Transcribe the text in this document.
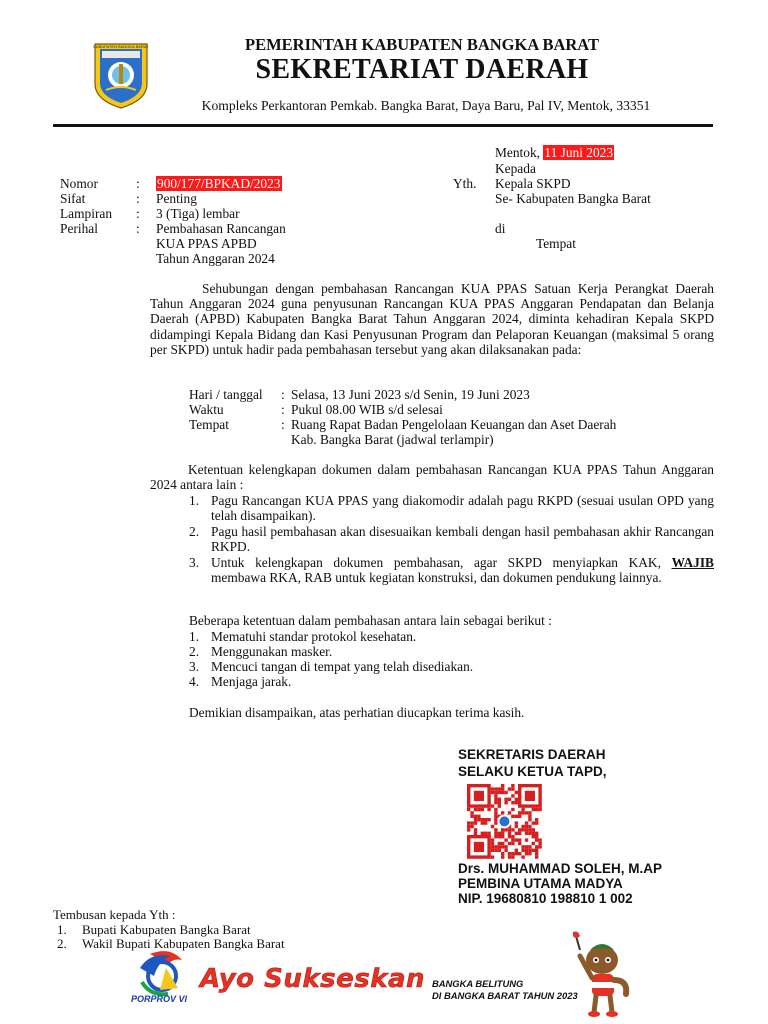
KABUPATEN BANGKA BARAT	PEMERINTAH KABUPATEN BANGKA BARAT
SEKRETARIAT DAERAH
Kompleks Perkantoran Pemkab. Bangka Barat, Daya Baru, Pal IV, Mentok, 33351
Mentok, 11 Juni 2023
Kepada
Yth. Kepala SKPD
Se- Kabupaten Bangka Barat
di
Tempat
Nomor	: 900/177/BPKAD/2023
Sifat	: Penting
Lampiran : 3 (Tiga) lembar
Perihal	: Pembahasan Rancangan
KUA PPAS APBD
Tahun Anggaran 2024
Sehubungan dengan pembahasan Rancangan KUA PPAS Satuan Kerja Perangkat Daerah Tahun Anggaran 2024 guna penyusunan Rancangan KUA PPAS Anggaran Pendapatan dan Belanja Daerah (APBD) Kabupaten Bangka Barat Tahun Anggaran 2024, diminta kehadiran Kepala SKPD didampingi Kepala Bidang dan Kasi Penyusunan Program dan Pelaporan Keuangan (maksimal 5 orang per SKPD) untuk hadir pada pembahasan tersebut yang akan dilaksanakan pada:
Hari / tanggal : Selasa, 13 Juni 2023 s/d Senin, 19 Juni 2023
Waktu	: Pukul 08.00 WIB s/d selesai
Tempat	: Ruang Rapat Badan Pengelolaan Keuangan dan Aset Daerah
Kab. Bangka Barat (jadwal terlampir)
Ketentuan kelengkapan dokumen dalam pembahasan Rancangan KUA PPAS Tahun Anggaran 2024 antara lain :
1. Pagu Rancangan KUA PPAS yang diakomodir adalah pagu RKPD (sesuai usulan OPD yang telah disampaikan).
2. Pagu hasil pembahasan akan disesuaikan kembali dengan hasil pembahasan akhir Rancangan RKPD.
3. Untuk kelengkapan dokumen pembahasan, agar SKPD menyiapkan KAK, WAJIB membawa RKA, RAB untuk kegiatan konstruksi, dan dokumen pendukung lainnya.
Beberapa ketentuan dalam pembahasan antara lain sebagai berikut :
1. Mematuhi standar protokol kesehatan.
2. Menggunakan masker.
3. Mencuci tangan di tempat yang telah disediakan.
4. Menjaga jarak.
Demikian disampaikan, atas perhatian diucapkan terima kasih.
SEKRETARIS DAERAH
SELAKU KETUA TAPD,
Drs. MUHAMMAD SOLEH, M.AP
PEMBINA UTAMA MADYA
NIP. 19680810 198810 1 002
Tembusan kepada Yth :
1. Bupati Kabupaten Bangka Barat
2. Wakil Bupati Kabupaten Bangka Barat
PORPROV VI
Ayo Sukseskan BANGKA BELITUNG
DI BANGKA BARAT TAHUN 2023
